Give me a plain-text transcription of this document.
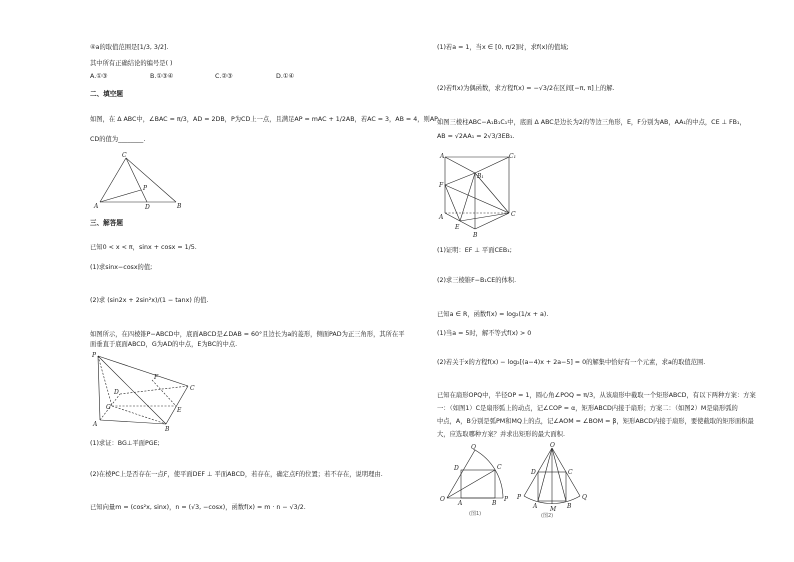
④a的取值范围是[1/3, 3/2].
其中所有正确结论的编号是( )
A.①③	B.①③④	C.②③	D.①④
二、填空题
如图，在 Δ ABC中，∠BAC = π/3，AD = 2DB，P为CD上一点，且满足AP = mAC + 1/2AB，若AC = 3，AB = 4，则AP ·
CD的值为________.
C
A	D	B
P
三、解答题
已知0 < x < π，sinx + cosx = 1/5.
(1)求sinx−cosx的值;
(2)求 (sin2x + 2sin²x)/(1 − tanx) 的值.
如图所示，在四棱锥P−ABCD中，底面ABCD是∠DAB = 60°且边长为a的菱形，侧面PAD为正三角形，其所在平
面垂直于底面ABCD，G为AD的中点，E为BC的中点.
P
F
C
D
G	E
A
B
(1)求证：BG⊥平面PGE;
(2)在棱PC上是否存在一点F，使平面DEF ⊥ 平面ABCD，若存在，确定点F的位置；若不存在，说明理由.
已知向量m = (cos²x, sinx)，n = (√3, −cosx)，函数f(x) = m · n − √3/2.
(1)若a = 1，当x ∈ [0, π/2]时，求f(x)的值域;
(2)若f(x)为偶函数，求方程f(x) = −√3/2在区间[−π, π]上的解.
如图三棱柱ABC−A₁B₁C₁中，底面 Δ ABC是边长为2的等边三角形，E，F分别为AB，AA₁的中点，CE ⊥ FB₁，
AB = √2AA₁ = 2√3/3EB₁.
A	C₁
B₁
F
A
E
C
B
(1)证明：EF ⊥ 平面CEB₁;
(2)求三棱锥F−B₁CE的体积.
已知a ∈ R，函数f(x) = log₂(1/x + a).
(1)当a = 5时，解不等式f(x) > 0
(2)若关于x的方程f(x) − log₂[(a−4)x + 2a−5] = 0的解集中恰好有一个元素，求a的取值范围.
已知在扇形OPQ中，半径OP = 1，圆心角∠POQ = π/3，从该扇形中截取一个矩形ABCD，有以下两种方案：方案
一：（如图1）C是扇形弧上的动点，记∠COP = α，矩形ABCD内接于扇形；方案二：（如图2）M是扇形弧的
中点，A，B分别是弧PM和MQ上的点，记∠AOM = ∠BOM = β，矩形ABCD内接于扇形，要使截取的矩形面积最
大，应选取哪种方案？并求出矩形的最大面积.
Q
D	C
A	B
O	P
(图1)
O
D	C
P	Q
A M B
(图2)
